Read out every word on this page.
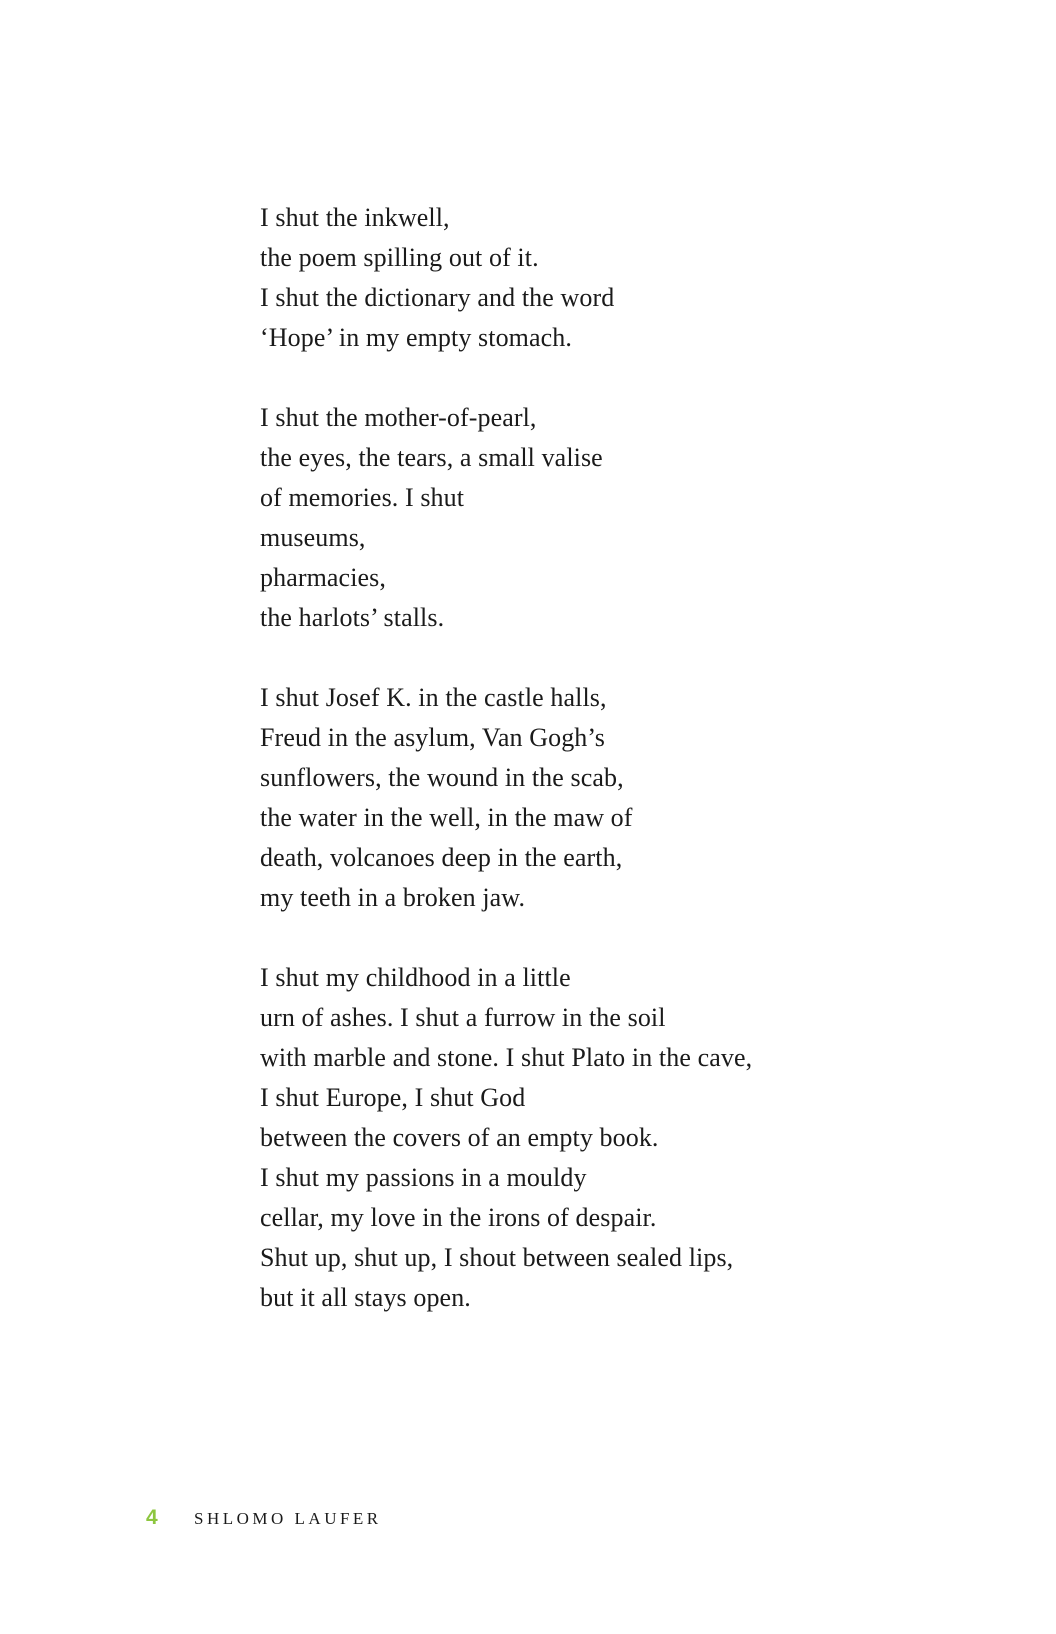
I shut the inkwell,
the poem spilling out of it.
I shut the dictionary and the word
‘Hope’ in my empty stomach.
I shut the mother-of-pearl,
the eyes, the tears, a small valise
of memories. I shut
museums,
pharmacies,
the harlots’ stalls.
I shut Josef K. in the castle halls,
Freud in the asylum, Van Gogh’s
sunflowers, the wound in the scab,
the water in the well, in the maw of
death, volcanoes deep in the earth,
my teeth in a broken jaw.
I shut my childhood in a little
urn of ashes. I shut a furrow in the soil
with marble and stone. I shut Plato in the cave,
I shut Europe, I shut God
between the covers of an empty book.
I shut my passions in a mouldy
cellar, my love in the irons of despair.
Shut up, shut up, I shout between sealed lips,
but it all stays open.
4	SHLOMO LAUFER
